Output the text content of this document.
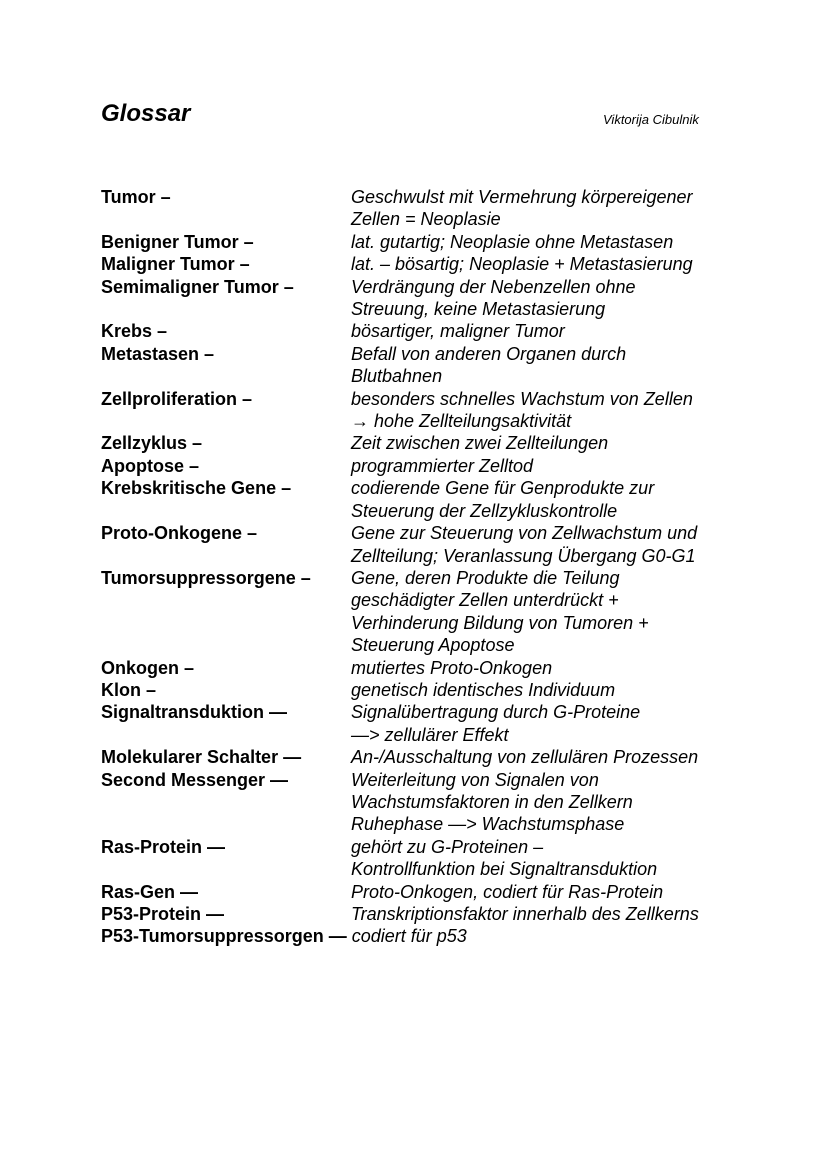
Glossar	Viktorija Cibulnik
Tumor –	Geschwulst mit Vermehrung körpereigener
Zellen = Neoplasie
Benigner Tumor –	lat. gutartig; Neoplasie ohne Metastasen
Maligner Tumor –	lat. – bösartig; Neoplasie + Metastasierung
Semimaligner Tumor –	Verdrängung der Nebenzellen ohne
Streuung, keine Metastasierung
Krebs –	bösartiger, maligner Tumor
Metastasen –	Befall von anderen Organen durch
Blutbahnen
Zellproliferation –	besonders schnelles Wachstum von Zellen
→ hohe Zellteilungsaktivität
Zellzyklus –	Zeit zwischen zwei Zellteilungen
Apoptose –	programmierter Zelltod
Krebskritische Gene –	codierende Gene für Genprodukte zur
Steuerung der Zellzykluskontrolle
Proto-Onkogene –	Gene zur Steuerung von Zellwachstum und
Zellteilung; Veranlassung Übergang G0-G1
Tumorsuppressorgene – Gene, deren Produkte die Teilung
geschädigter Zellen unterdrückt +
Verhinderung Bildung von Tumoren +
Steuerung Apoptose
Onkogen –	mutiertes Proto-Onkogen
Klon –	genetisch identisches Individuum
Signaltransduktion —	Signalübertragung durch G-Proteine
—> zellulärer Effekt
Molekularer Schalter —	An-/Ausschaltung von zellulären Prozessen
Second Messenger —	Weiterleitung von Signalen von
Wachstumsfaktoren in den Zellkern
Ruhephase —> Wachstumsphase
Ras-Protein —	gehört zu G-Proteinen –
Kontrollfunktion bei Signaltransduktion
Ras-Gen —	Proto-Onkogen, codiert für Ras-Protein
P53-Protein —	Transkriptionsfaktor innerhalb des Zellkerns
P53-Tumorsuppressorgen — codiert für p53
